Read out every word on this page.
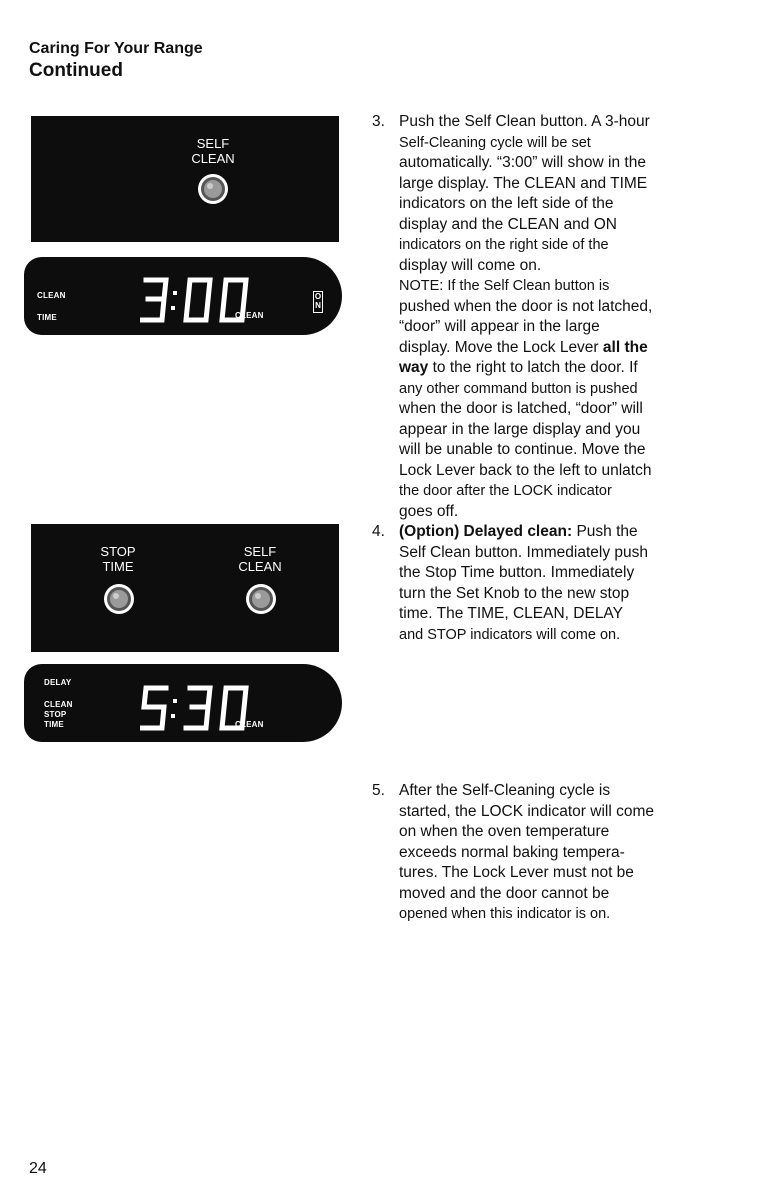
Caring For Your Range
Continued
SELF
CLEAN
CLEAN
TIME	CLEAN
O
N
STOP
TIME
SELF
CLEAN
DELAY
CLEAN
STOP
TIME	CLEAN
3. Push the Self Clean button. A 3-hour

Self-Cleaning cycle will be set

automatically. “3:00” will show in the

large display. The CLEAN and TIME

indicators on the left side of the

display and the CLEAN and ON

indicators on the right side of the

display will come on.

NOTE: If the Self Clean button is

pushed when the door is not latched,

“door” will appear in the large

display. Move the Lock Lever all the

way to the right to latch the door. If

any other command button is pushed

when the door is latched, “door” will

appear in the large display and you

will be unable to continue. Move the

Lock Lever back to the left to unlatch

the door after the LOCK indicator

goes off.

4. (Option) Delayed clean: Push the

Self Clean button. Immediately push

the Stop Time button. Immediately

turn the Set Knob to the new stop

time. The TIME, CLEAN, DELAY

and STOP indicators will come on.

5. After the Self-Cleaning cycle is

started, the LOCK indicator will come

on when the oven temperature

exceeds normal baking tempera-

tures. The Lock Lever must not be

moved and the door cannot be

opened when this indicator is on.

24
